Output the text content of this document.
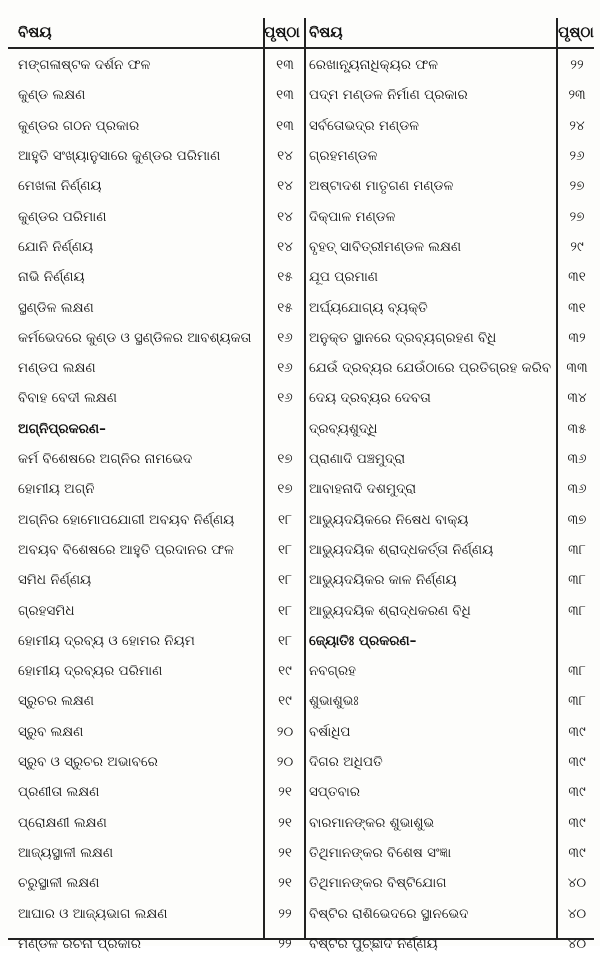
ବିଷୟ	ପୃଷ୍ଠା ବିଷୟ	ପୃଷ୍ଠା
ମଙ୍ଗଳାଷ୍ଟକ ଦର୍ଶନ ଫଳ	୧୩	ରେଖାନ୍ୟୂନାଧିକ୍ୟର ଫଳ	୨୨
କୁଣ୍ଡ ଲକ୍ଷଣ	୧୩	ପଦ୍ମ ମଣ୍ଡଳ ନିର୍ମାଣ ପ୍ରକାର	୨୩
କୁଣ୍ଡର ଗଠନ ପ୍ରକାର	୧୩	ସର୍ବତୋଭଦ୍ର ମଣ୍ଡଳ	୨୪
ଆହୁତି ସଂଖ୍ୟାନୁସାରେ କୁଣ୍ଡର ପରିମାଣ	୧୪	ଗ୍ରହମଣ୍ଡଳ	୨୬
ମେଖଳା ନିର୍ଣ୍ଣୟ	୧୪	ଅଷ୍ଟାଦଶ ମାତୃଗଣ ମଣ୍ଡଳ	୨୭
କୁଣ୍ଡର ପରିମାଣ	୧୪	ଦିକ୍‌ପାଳ ମଣ୍ଡଳ	୨୭
ଯୋନି ନିର୍ଣ୍ଣୟ	୧୪	ବୃହତ୍ ସାବିତ୍ରୀମଣ୍ଡଳ ଲକ୍ଷଣ	୨୯
ନାଭି ନିର୍ଣ୍ଣୟ	୧୫	ଯୂପ ପ୍ରମାଣ	୩୧
ସ୍ଥଣ୍ଡିଳ ଲକ୍ଷଣ	୧୫	ଅର୍ଘ୍ୟଯୋଗ୍ୟ ବ୍ୟକ୍ତି	୩୧
କର୍ମଭେଦରେ କୁଣ୍ଡ ଓ ସ୍ଥଣ୍ଡିଳର ଆବଶ୍ୟକତା	୧୬	ଅନୁକ୍ତ ସ୍ଥାନରେ ଦ୍ରବ୍ୟଗ୍ରହଣ ବିଧି	୩୨
ମଣ୍ଡପ ଲକ୍ଷଣ	୧୬	ଯେଉଁ ଦ୍ରବ୍ୟର ଯେଉଁଠାରେ ପ୍ରତିଗ୍ରହ କରିବ	୩୩
ବିବାହ ବେଦୀ ଲକ୍ଷଣ	୧୬	ଦେୟ ଦ୍ରବ୍ୟର ଦେବତା	୩୪
ଅଗ୍ନିପ୍ରକରଣ–	ଦ୍ରବ୍ୟଶୁଦ୍ଧି	୩୫
କର୍ମ ବିଶେଷରେ ଅଗ୍ନିର ନାମଭେଦ	୧୭	ପ୍ରାଣାଦି ପଞ୍ଚମୁଦ୍ରା	୩୬
ହୋମୀୟ ଅଗ୍ନି	୧୭	ଆବାହନାଦି ଦଶମୁଦ୍ରା	୩୬
ଅଗ୍ନିର ହୋମୋପଯୋଗୀ ଅବୟବ ନିର୍ଣ୍ଣୟ	୧୮	ଆଭ୍ୟୁଦୟିକରେ ନିଷେଧ ବାକ୍ୟ	୩୭
ଅବୟବ ବିଶେଷରେ ଆହୁତି ପ୍ରଦାନର ଫଳ	୧୮	ଆଭ୍ୟୁଦୟିକ ଶ୍ରାଦ୍ଧକର୍ତ୍ତା ନିର୍ଣ୍ଣୟ	୩୮
ସମିଧ ନିର୍ଣ୍ଣୟ	୧୮	ଆଭ୍ୟୁଦୟିକର କାଳ ନିର୍ଣ୍ଣୟ	୩୮
ଗ୍ରହସମିଧ	୧୮	ଆଭ୍ୟୁଦୟିକ ଶ୍ରାଦ୍ଧକରଣ ବିଧି	୩୮
ହୋମୀୟ ଦ୍ରବ୍ୟ ଓ ହୋମର ନିୟମ	୧୮	ଜ୍ୟୋତିଃ ପ୍ରକରଣ–
ହୋମୀୟ ଦ୍ରବ୍ୟର ପରିମାଣ	୧୯	ନବଗ୍ରହ	୩୮
ସ୍ରୁଚର ଲକ୍ଷଣ	୧୯	ଶୁଭାଶୁଭଃ	୩୮
ସ୍ରୁବ ଲକ୍ଷଣ	୨୦	ବର୍ଷାଧିପ	୩୯
ସ୍ରୁବ ଓ ସ୍ରୁଚର ଅଭାବରେ	୨୦	ଦିଗର ଅଧିପତି	୩୯
ପ୍ରଣୀତା ଲକ୍ଷଣ	୨୧	ସପ୍ତବାର	୩୯
ପ୍ରୋକ୍ଷଣୀ ଲକ୍ଷଣ	୨୧	ବାରମାନଙ୍କର ଶୁଭାଶୁଭ	୩୯
ଆଜ୍ୟସ୍ଥାଳୀ ଲକ୍ଷଣ	୨୧	ତିଥିମାନଙ୍କର ବିଶେଷ ସଂଜ୍ଞା	୩୯
ଚରୁସ୍ଥାଳୀ ଲକ୍ଷଣ	୨୧	ତିଥିମାନଙ୍କର ବିଷ୍ଟିଯୋଗ	୪୦
ଆଘାର ଓ ଆଜ୍ୟଭାଗ ଲକ୍ଷଣ	୨୨	ବିଷ୍ଟିର ରାଶିଭେଦରେ ସ୍ଥାନଭେଦ	୪୦
ମଣ୍ଡଳ ରଚନା ପ୍ରକାର	୨୨	ବିଷ୍ଟିର ପୁଚ୍ଛାଦି ନିର୍ଣ୍ଣୟ	୪୦
